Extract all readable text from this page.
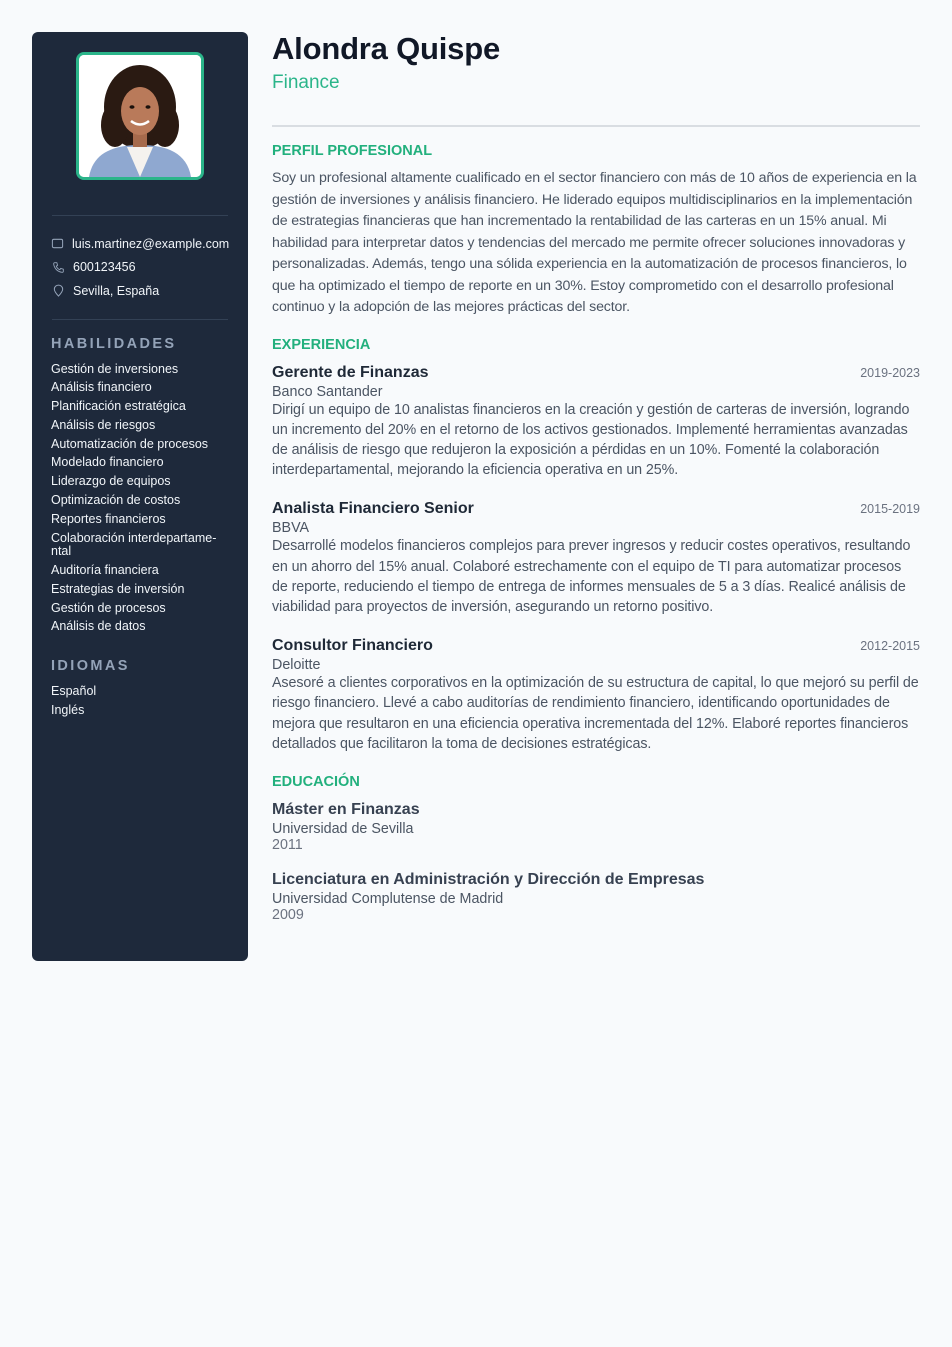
luis.martinez@example.com
600123456
Sevilla, España
HABILIDADES
Gestión de inversiones
Análisis financiero
Planificación estratégica
Análisis de riesgos
Automatización de procesos
Modelado financiero
Liderazgo de equipos
Optimización de costos
Reportes financieros
Colaboración interdepartame-ntal
Auditoría financiera
Estrategias de inversión
Gestión de procesos
Análisis de datos
IDIOMAS
Español
Inglés
Alondra Quispe
Finance
PERFIL PROFESIONAL

Soy un profesional altamente cualificado en el sector financiero con más de 10 años de experiencia en la gestión de inversiones y análisis financiero. He liderado equipos multidisciplinarios en la implementación de estrategias financieras que han incrementado la rentabilidad de las carteras en un 15% anual. Mi habilidad para interpretar datos y tendencias del mercado me permite ofrecer soluciones innovadoras y personalizadas. Además, tengo una sólida experiencia en la automatización de procesos financieros, lo que ha optimizado el tiempo de reporte en un 30%. Estoy comprometido con el desarrollo profesional continuo y la adopción de las mejores prácticas del sector.

EXPERIENCIA
Gerente de Finanzas	2019-2023
Banco Santander

Dirigí un equipo de 10 analistas financieros en la creación y gestión de carteras de inversión, logrando un incremento del 20% en el retorno de los activos gestionados. Implementé herramientas avanzadas de análisis de riesgo que redujeron la exposición a pérdidas en un 10%. Fomenté la colaboración interdepartamental, mejorando la eficiencia operativa en un 25%.

Analista Financiero Senior	2015-2019
BBVA

Desarrollé modelos financieros complejos para prever ingresos y reducir costes operativos, resultando en un ahorro del 15% anual. Colaboré estrechamente con el equipo de TI para automatizar procesos de reporte, reduciendo el tiempo de entrega de informes mensuales de 5 a 3 días. Realicé análisis de viabilidad para proyectos de inversión, asegurando un retorno positivo.

Consultor Financiero	2012-2015
Deloitte

Asesoré a clientes corporativos en la optimización de su estructura de capital, lo que mejoró su perfil de riesgo financiero. Llevé a cabo auditorías de rendimiento financiero, identificando oportunidades de mejora que resultaron en una eficiencia operativa incrementada del 12%. Elaboré reportes financieros detallados que facilitaron la toma de decisiones estratégicas.

EDUCACIÓN
Máster en Finanzas
Universidad de Sevilla
2011
Licenciatura en Administración y Dirección de Empresas
Universidad Complutense de Madrid
2009
